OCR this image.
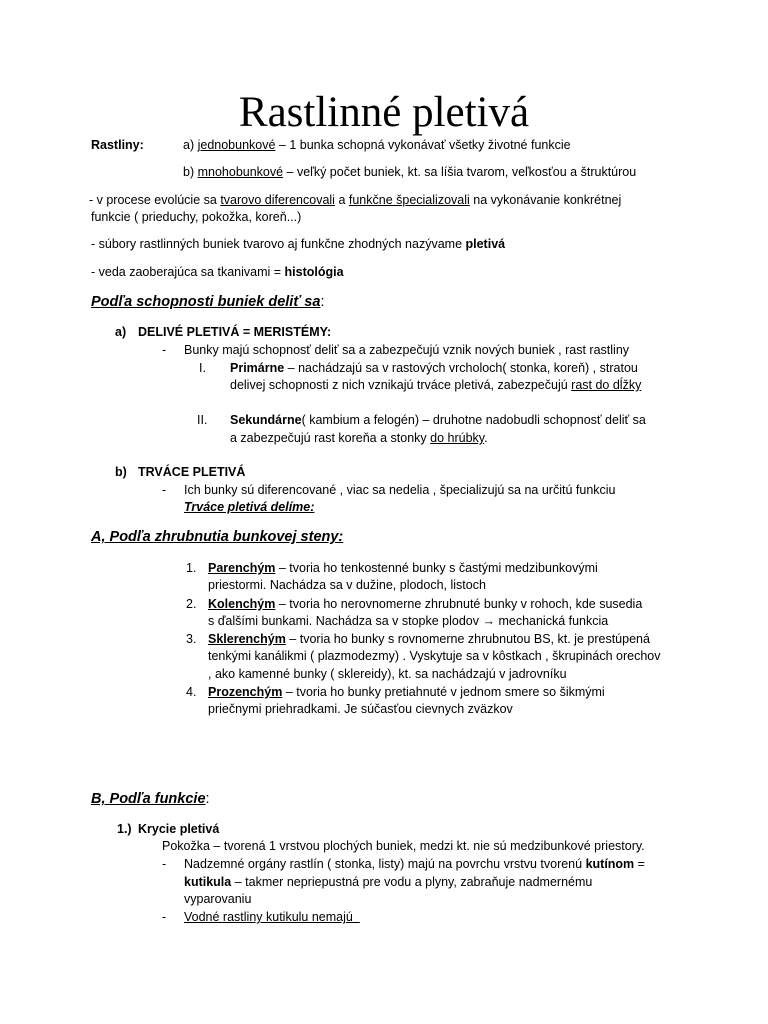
Rastlinné pletivá
Rastliny:	a) jednobunkové – 1 bunka schopná vykonávať všetky životné funkcie
b) mnohobunkové – veľký počet buniek, kt. sa líšia tvarom, veľkosťou a štruktúrou
- v procese evolúcie sa tvarovo diferencovali a funkčne špecializovali na vykonávanie konkrétnej
funkcie ( prieduchy, pokožka, koreň...)
- súbory rastlinných buniek tvarovo aj funkčne zhodných nazývame pletivá
- veda zaoberajúca sa tkanivami = histológia
Podľa schopnosti buniek deliť sa:
a) DELIVÉ PLETIVÁ = MERISTÉMY:
- Bunky majú schopnosť deliť sa a zabezpečujú vznik nových buniek , rast rastliny
I. Primárne – nachádzajú sa v rastových vrcholoch( stonka, koreň) , stratou
delivej schopnosti z nich vznikajú trváce pletivá, zabezpečujú rast do dĺžky
II. Sekundárne( kambium a felogén) – druhotne nadobudli schopnosť deliť sa
a zabezpečujú rast koreňa a stonky do hrúbky.
b) TRVÁCE PLETIVÁ
- Ich bunky sú diferencované , viac sa nedelia , špecializujú sa na určitú funkciu
Trváce pletivá delíme:
A, Podľa zhrubnutia bunkovej steny:
1. Parenchým – tvoria ho tenkostenné bunky s častými medzibunkovými
priestormi. Nachádza sa v dužine, plodoch, listoch
2. Kolenchým – tvoria ho nerovnomerne zhrubnuté bunky v rohoch, kde susedia
s ďalšími bunkami. Nachádza sa v stopke plodov → mechanická funkcia
3. Sklerenchým – tvoria ho bunky s rovnomerne zhrubnutou BS, kt. je prestúpená
tenkými kanálikmi ( plazmodezmy) . Vyskytuje sa v kôstkach , škrupinách orechov
, ako kamenné bunky ( sklereidy), kt. sa nachádzajú v jadrovníku
4. Prozenchým – tvoria ho bunky pretiahnuté v jednom smere so šikmými
priečnymi priehradkami. Je súčasťou cievnych zväzkov
B, Podľa funkcie:
1.) Krycie pletivá
Pokožka – tvorená 1 vrstvou plochých buniek, medzi kt. nie sú medzibunkové priestory.
- Nadzemné orgány rastlín ( stonka, listy) majú na povrchu vrstvu tvorenú kutínom =
kutikula – takmer nepriepustná pre vodu a plyny, zabraňuje nadmernému
vyparovaniu
- Vodné rastliny kutikulu nemajú
